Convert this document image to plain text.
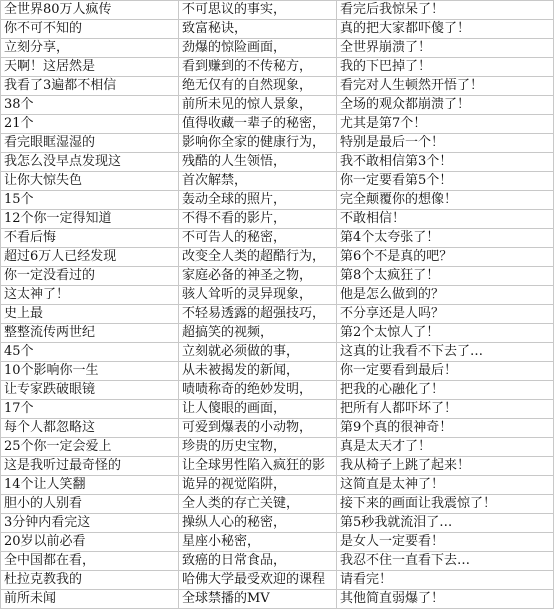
全世界80万人疯传	不可思议的事实，	看完后我惊呆了！
你不可不知的	致富秘诀，	真的把大家都吓傻了！
立刻分享，	劲爆的惊险画面，	全世界崩溃了！
天啊！这居然是	看到赚到的不传秘方，	我的下巴掉了！
我看了3遍都不相信	绝无仅有的自然现象，	看完对人生顿然开悟了！
38个	前所未见的惊人景象，	全场的观众都崩溃了！
21个	值得收藏一辈子的秘密，	尤其是第7个！
看完眼眶湿湿的	影响你全家的健康行为，	特别是最后一个！
我怎么没早点发现这	残酷的人生领悟，	我不敢相信第3个！
让你大惊失色	首次解禁，	你一定要看第5个！
15个	轰动全球的照片，	完全颠覆你的想像！
12个你一定得知道	不得不看的影片，	不敢相信！
不看后悔	不可告人的秘密，	第4个太夸张了！
超过6万人已经发现	改变全人类的超酷行为，	第6个不是真的吧？
你一定没看过的	家庭必备的神圣之物，	第8个太疯狂了！
这太神了！	骇人耸听的灵异现象，	他是怎么做到的？
史上最	不轻易透露的超强技巧，	不分享还是人吗？
整整流传两世纪	超搞笑的视频，	第2个太惊人了！
45个	立刻就必须做的事，	这真的让我看不下去了…
10个影响你一生	从未被揭发的新闻，	你一定要看到最后！
让专家跌破眼镜	啧啧称奇的绝妙发明，	把我的心融化了！
17个	让人傻眼的画面，	把所有人都吓坏了！
每个人都忽略这	可爱到爆表的小动物，	第9个真的很神奇！
25个你一定会爱上	珍贵的历史宝物，	真是太天才了！
这是我听过最奇怪的	让全球男性陷入疯狂的影	我从椅子上跳了起来！
14个让人笑翻	诡异的视觉陷阱，	这简直是太神了！
胆小的人别看	全人类的存亡关键，	接下来的画面让我震惊了！
3分钟内看完这	操纵人心的秘密，	第5秒我就流泪了…
20岁以前必看	星座小秘密，	是女人一定要看！
全中国都在看，	致癌的日常食品，	我忍不住一直看下去…
杜拉克教我的	哈佛大学最受欢迎的课程	请看完！
前所未闻	全球禁播的MV	其他简直弱爆了！
